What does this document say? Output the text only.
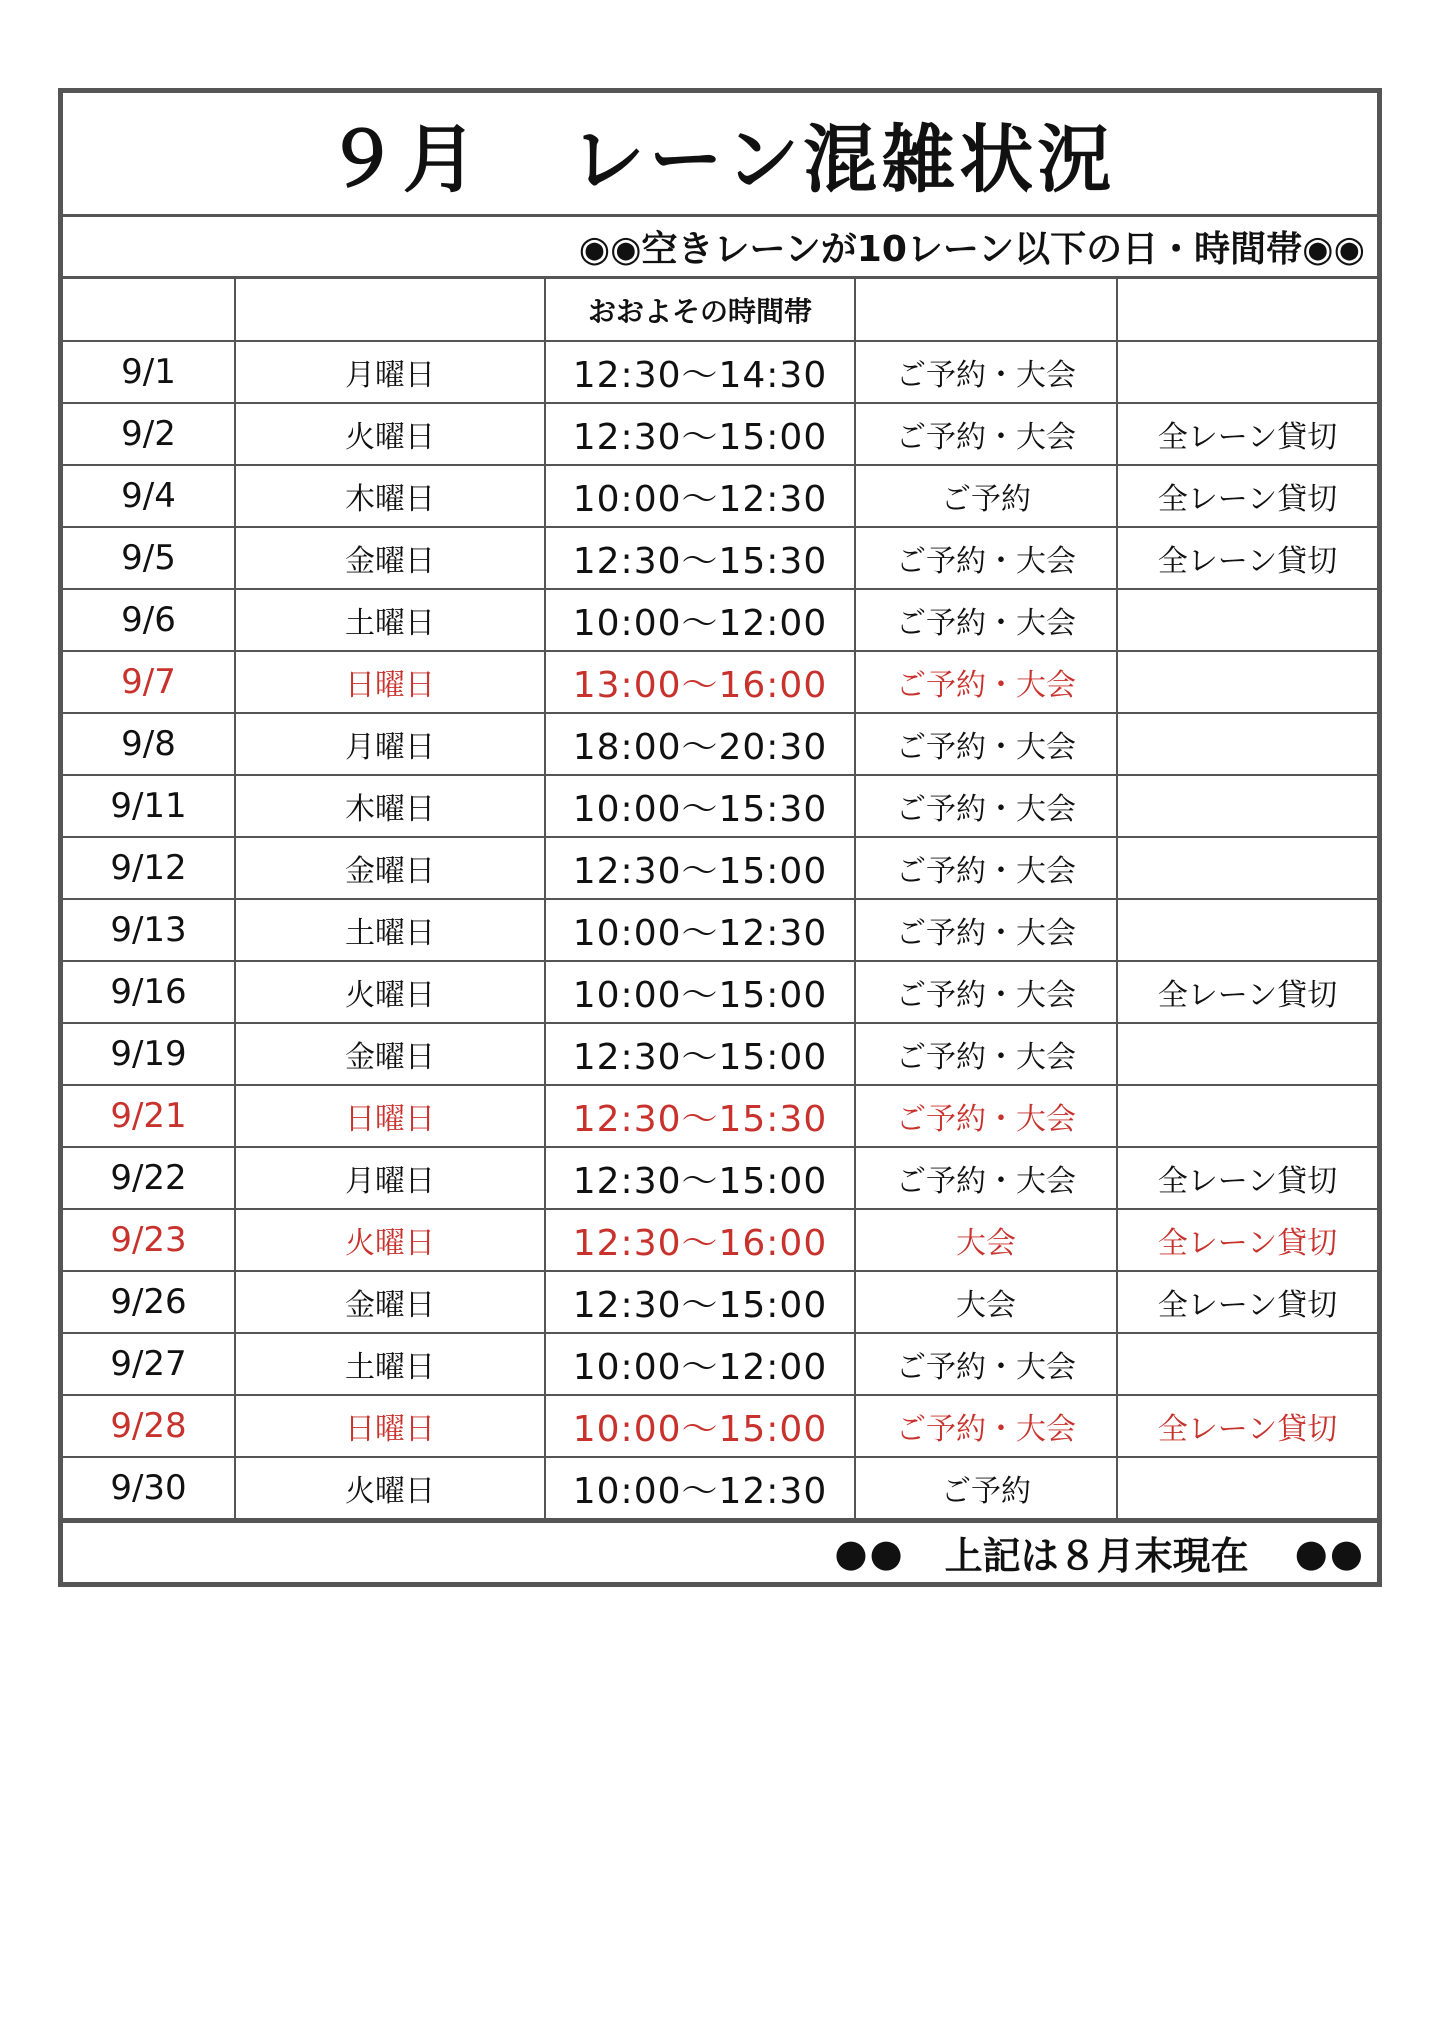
９月 レーン混雑状況
◉◉空きレーンが10レーン以下の日・時間帯◉◉
		おおよその時間帯		
9/1	月曜日	12:30〜14:30	ご予約・大会	
9/2	火曜日	12:30〜15:00	ご予約・大会	全レーン貸切
9/4	木曜日	10:00〜12:30	ご予約	全レーン貸切
9/5	金曜日	12:30〜15:30	ご予約・大会	全レーン貸切
9/6	土曜日	10:00〜12:00	ご予約・大会	
9/7	日曜日	13:00〜16:00	ご予約・大会	
9/8	月曜日	18:00〜20:30	ご予約・大会	
9/11	木曜日	10:00〜15:30	ご予約・大会	
9/12	金曜日	12:30〜15:00	ご予約・大会	
9/13	土曜日	10:00〜12:30	ご予約・大会	
9/16	火曜日	10:00〜15:00	ご予約・大会	全レーン貸切
9/19	金曜日	12:30〜15:00	ご予約・大会	
9/21	日曜日	12:30〜15:30	ご予約・大会	
9/22	月曜日	12:30〜15:00	ご予約・大会	全レーン貸切
9/23	火曜日	12:30〜16:00	大会	全レーン貸切
9/26	金曜日	12:30〜15:00	大会	全レーン貸切
9/27	土曜日	10:00〜12:00	ご予約・大会	
9/28	日曜日	10:00〜15:00	ご予約・大会	全レーン貸切
9/30	火曜日	10:00〜12:30	ご予約	
●● 上記は８月末現在 ●●
